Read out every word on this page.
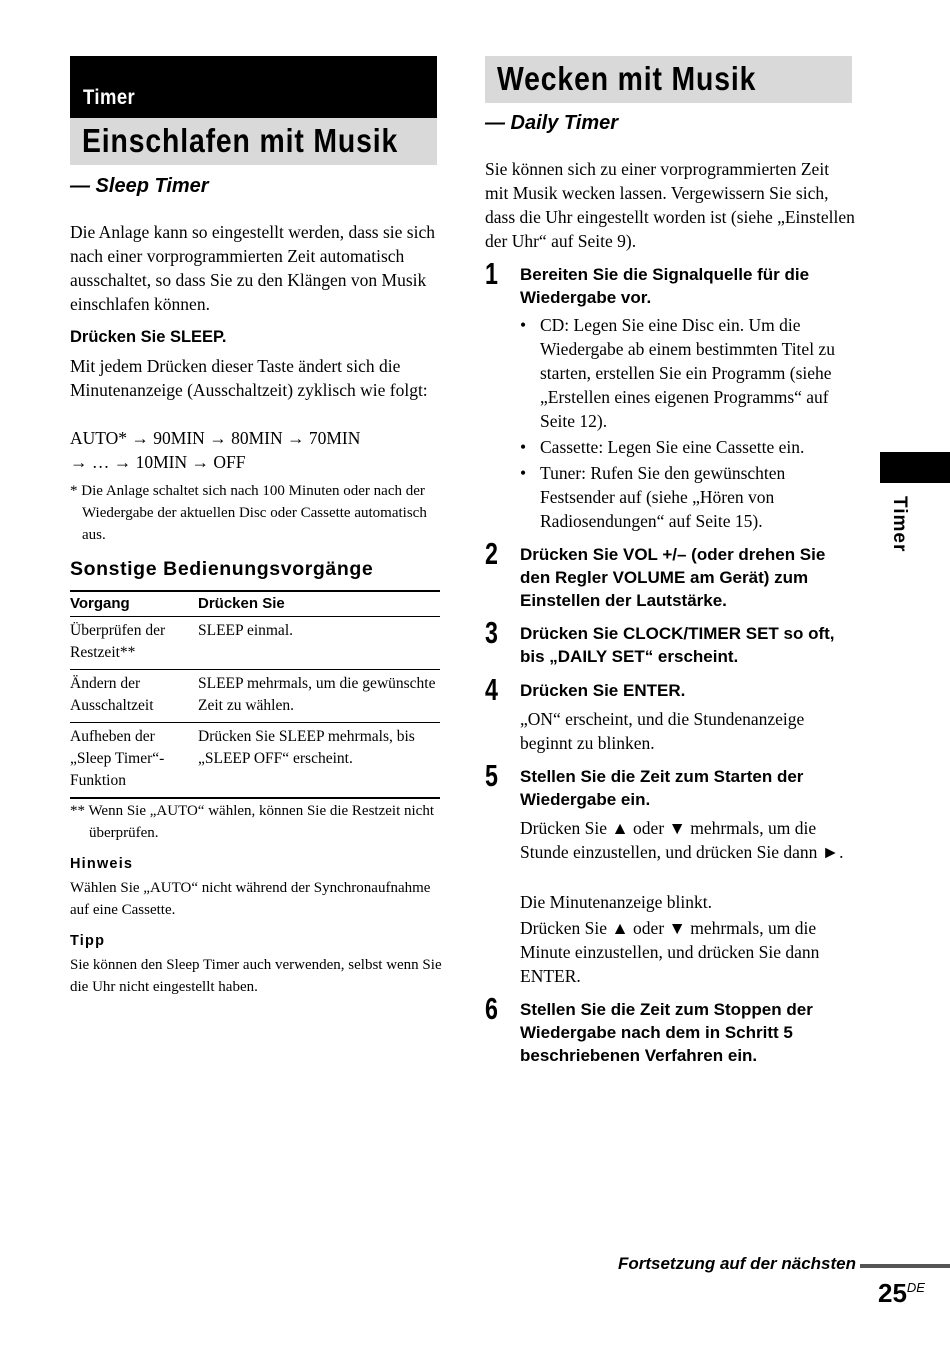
Timer
Einschlafen mit Musik
— Sleep Timer
Die Anlage kann so eingestellt werden, dass sie sich nach einer vorprogrammierten Zeit automatisch ausschaltet, so dass Sie zu den Klängen von Musik einschlafen können.
Drücken Sie SLEEP.
Mit jedem Drücken dieser Taste ändert sich die Minutenanzeige (Ausschaltzeit) zyklisch wie folgt:
AUTO* → 90MIN → 80MIN → 70MIN
→ … → 10MIN → OFF
* Die Anlage schaltet sich nach 100 Minuten oder nach der Wiedergabe der aktuellen Disc oder Cassette automatisch aus.
Sonstige Bedienungsvorgänge
Vorgang	Drücken Sie
Überprüfen der Restzeit**	SLEEP einmal.
Ändern der Ausschaltzeit	SLEEP mehrmals, um die gewünschte Zeit zu wählen.
Aufheben der „Sleep Timer“-Funktion	Drücken Sie SLEEP mehrmals, bis „SLEEP OFF“ erscheint.
** Wenn Sie „AUTO“ wählen, können Sie die Restzeit nicht überprüfen.
Hinweis
Wählen Sie „AUTO“ nicht während der Synchronaufnahme auf eine Cassette.
Tipp
Sie können den Sleep Timer auch verwenden, selbst wenn Sie die Uhr nicht eingestellt haben.
Wecken mit Musik
— Daily Timer
Sie können sich zu einer vorprogrammierten Zeit mit Musik wecken lassen. Vergewissern Sie sich, dass die Uhr eingestellt worden ist (siehe „Einstellen der Uhr“ auf Seite 9).
1 Bereiten Sie die Signalquelle für die Wiedergabe vor.
• CD: Legen Sie eine Disc ein. Um die Wiedergabe ab einem bestimmten Titel zu starten, erstellen Sie ein Programm (siehe „Erstellen eines eigenen Programms“ auf Seite 12).
• Cassette: Legen Sie eine Cassette ein.
• Tuner: Rufen Sie den gewünschten Festsender auf (siehe „Hören von Radiosendungen“ auf Seite 15).
2 Drücken Sie VOL +/– (oder drehen Sie den Regler VOLUME am Gerät) zum Einstellen der Lautstärke.
3 Drücken Sie CLOCK/TIMER SET so oft, bis „DAILY SET“ erscheint.
4 Drücken Sie ENTER.
„ON“ erscheint, und die Stundenanzeige beginnt zu blinken.
5 Stellen Sie die Zeit zum Starten der Wiedergabe ein.
Drücken Sie ▲ oder ▼ mehrmals, um die Stunde einzustellen, und drücken Sie dann ►.
Die Minutenanzeige blinkt.
Drücken Sie ▲ oder ▼ mehrmals, um die Minute einzustellen, und drücken Sie dann ENTER.
6 Stellen Sie die Zeit zum Stoppen der Wiedergabe nach dem in Schritt 5 beschriebenen Verfahren ein.
Timer
Fortsetzung auf der nächsten
25DE
